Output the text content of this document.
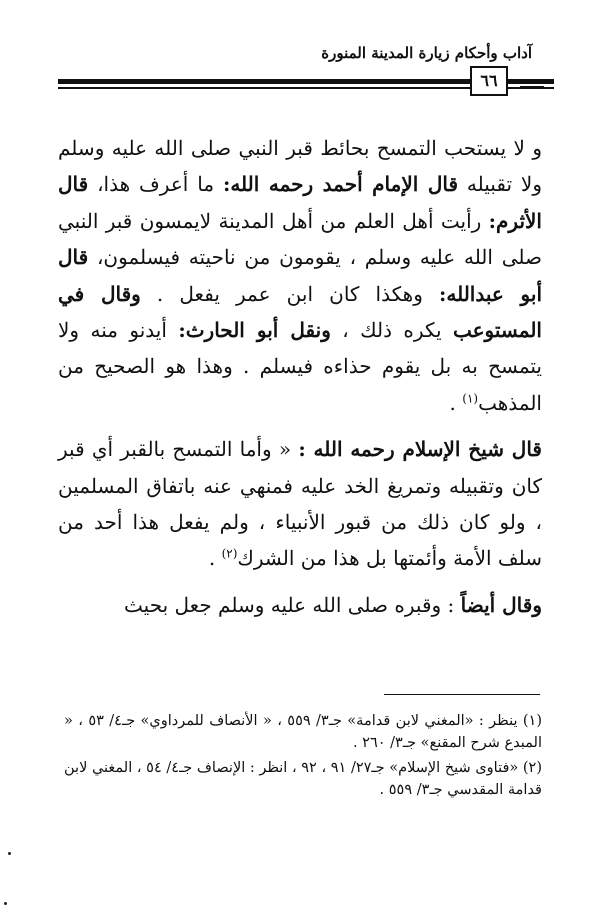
آداب وأحكام زيارة المدينة المنورة
٦٦

و لا يستحب التمسح بحائط قبر النبي صلى الله عليه وسلم ولا تقبيله قال الإمام أحمد رحمه الله: ما أعرف هذا، قال الأثرم: رأيت أهل العلم من أهل المدينة لايمسون قبر النبي صلى الله عليه وسلم ، يقومون من ناحيته فيسلمون، قال أبو عبدالله: وهكذا كان ابن عمر يفعل . وقال في المستوعب يكره ذلك ، ونقل أبو الحارث: أيدنو منه ولا يتمسح به بل يقوم حذاءه فيسلم . وهذا هو الصحيح من المذهب$^{(١)}$ .

قال شيخ الإسلام رحمه الله : « وأما التمسح بالقبر أي قبر كان وتقبيله وتمريغ الخد عليه فمنهي عنه باتفاق المسلمين ، ولو كان ذلك من قبور الأنبياء ، ولم يفعل هذا أحد من سلف الأمة وأئمتها بل هذا من الشرك$^{(٢)}$ .

وقال أيضاً : وقبره صلى الله عليه وسلم جعل بحيث

(١) ينظر : «المغني لابن قدامة» جـ٣/ ٥٥٩ ، « الأنصاف للمرداوي» جـ٤/ ٥٣ ، « المبدع شرح المقنع» جـ٣/ ٢٦٠ .

(٢) «فتاوى شيخ الإسلام» جـ٢٧/ ٩١ ، ٩٢ ، انظر : الإنصاف جـ٤/ ٥٤ ، المغني لابن قدامة المقدسي جـ٣/ ٥٥٩ .
